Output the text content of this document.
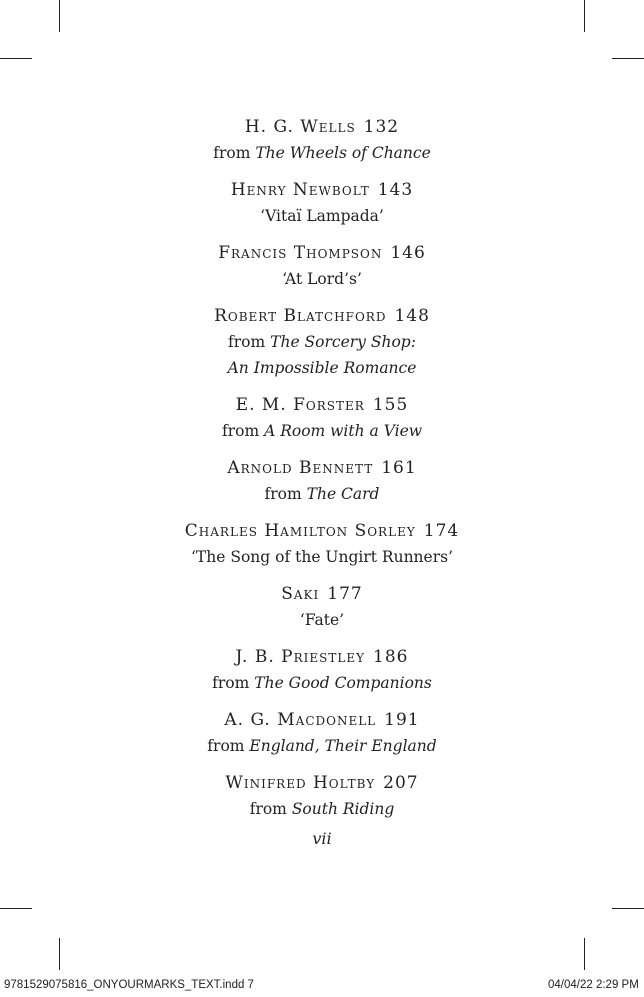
H. G. Wells 132
from The Wheels of Chance
Henry Newbolt 143
‘Vitaï Lampada’
Francis Thompson 146
‘At Lord’s’
Robert Blatchford 148
from The Sorcery Shop:
An Impossible Romance
E. M. Forster 155
from A Room with a View
Arnold Bennett 161
from The Card
Charles Hamilton Sorley 174
‘The Song of the Ungirt Runners’
Saki 177
‘Fate’
J. B. Priestley 186
from The Good Companions
A. G. Macdonell 191
from England, Their England
Winifred Holtby 207
from South Riding
vii
9781529075816_ONYOURMARKS_TEXT.indd 7	04/04/22 2:29 PM
